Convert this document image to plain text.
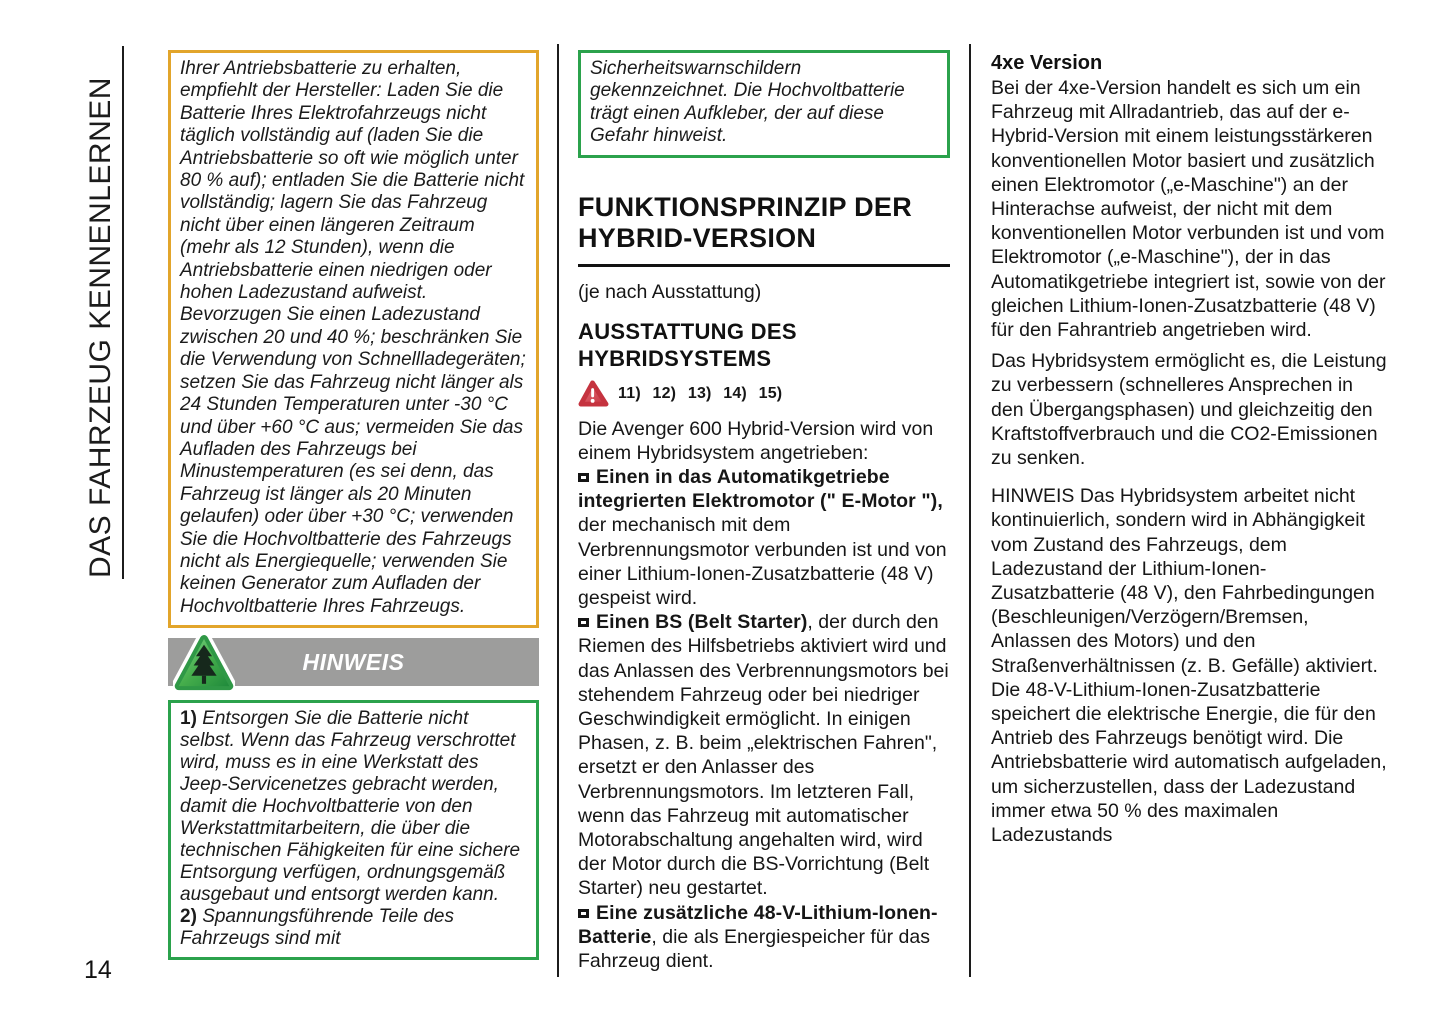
DAS FAHRZEUG KENNENLERNEN

Ihrer Antriebsbatterie zu erhalten, empfiehlt der Hersteller: Laden Sie die Batterie Ihres Elektrofahrzeugs nicht täglich vollständig auf (laden Sie die Antriebsbatterie so oft wie möglich unter 80 % auf); entladen Sie die Batterie nicht vollständig; lagern Sie das Fahrzeug nicht über einen längeren Zeitraum (mehr als 12 Stunden), wenn die Antriebsbatterie einen niedrigen oder hohen Ladezustand aufweist. Bevorzugen Sie einen Ladezustand zwischen 20 und 40 %; beschränken Sie die Verwendung von Schnellladegeräten; setzen Sie das Fahrzeug nicht länger als 24 Stunden Temperaturen unter -30 °C und über +60 °C aus; vermeiden Sie das Aufladen des Fahrzeugs bei Minustemperaturen (es sei denn, das Fahrzeug ist länger als 20 Minuten gelaufen) oder über +30 °C; verwenden Sie die Hochvoltbatterie des Fahrzeugs nicht als Energiequelle; verwenden Sie keinen Generator zum Aufladen der Hochvoltbatterie Ihres Fahrzeugs.

HINWEIS

1) Entsorgen Sie die Batterie nicht selbst. Wenn das Fahrzeug verschrottet wird, muss es in eine Werkstatt des Jeep-Servicenetzes gebracht werden, damit die Hochvoltbatterie von den Werkstattmitarbeitern, die über die technischen Fähigkeiten für eine sichere Entsorgung verfügen, ordnungsgemäß ausgebaut und entsorgt werden kann.

2) Spannungsführende Teile des Fahrzeugs sind mit

Sicherheitswarnschildern gekennzeichnet. Die Hochvoltbatterie trägt einen Aufkleber, der auf diese Gefahr hinweist.

FUNKTIONSPRINZIP DER HYBRID-VERSION

(je nach Ausstattung)

AUSSTATTUNG DES HYBRIDSYSTEMS
11) 12) 13) 14) 15)

Die Avenger 600 Hybrid-Version wird von einem Hybridsystem angetrieben:

Einen in das Automatikgetriebe integrierten Elektromotor (" E-Motor "), der mechanisch mit dem Verbrennungsmotor verbunden ist und von einer Lithium-Ionen-Zusatzbatterie (48 V) gespeist wird.

Einen BS (Belt Starter), der durch den Riemen des Hilfsbetriebs aktiviert wird und das Anlassen des Verbrennungsmotors bei stehendem Fahrzeug oder bei niedriger Geschwindigkeit ermöglicht. In einigen Phasen, z. B. beim „elektrischen Fahren", ersetzt er den Anlasser des Verbrennungsmotors. Im letzteren Fall, wenn das Fahrzeug mit automatischer Motorabschaltung angehalten wird, wird der Motor durch die BS-Vorrichtung (Belt Starter) neu gestartet.

Eine zusätzliche 48-V-Lithium-Ionen-Batterie, die als Energiespeicher für das Fahrzeug dient.

4xe Version

Bei der 4xe-Version handelt es sich um ein Fahrzeug mit Allradantrieb, das auf der e-Hybrid-Version mit einem leistungsstärkeren konventionellen Motor basiert und zusätzlich einen Elektromotor („e-Maschine") an der Hinterachse aufweist, der nicht mit dem konventionellen Motor verbunden ist und vom Elektromotor („e-Maschine"), der in das Automatikgetriebe integriert ist, sowie von der gleichen Lithium-Ionen-Zusatzbatterie (48 V) für den Fahrantrieb angetrieben wird.

Das Hybridsystem ermöglicht es, die Leistung zu verbessern (schnelleres Ansprechen in den Übergangsphasen) und gleichzeitig den Kraftstoffverbrauch und die CO2-Emissionen zu senken.

HINWEIS Das Hybridsystem arbeitet nicht kontinuierlich, sondern wird in Abhängigkeit vom Zustand des Fahrzeugs, dem Ladezustand der Lithium-Ionen-Zusatzbatterie (48 V), den Fahrbedingungen (Beschleunigen/Verzögern/Bremsen, Anlassen des Motors) und den Straßenverhältnissen (z. B. Gefälle) aktiviert. Die 48-V-Lithium-Ionen-Zusatzbatterie speichert die elektrische Energie, die für den Antrieb des Fahrzeugs benötigt wird. Die Antriebsbatterie wird automatisch aufgeladen, um sicherzustellen, dass der Ladezustand immer etwa 50 % des maximalen Ladezustands

14
